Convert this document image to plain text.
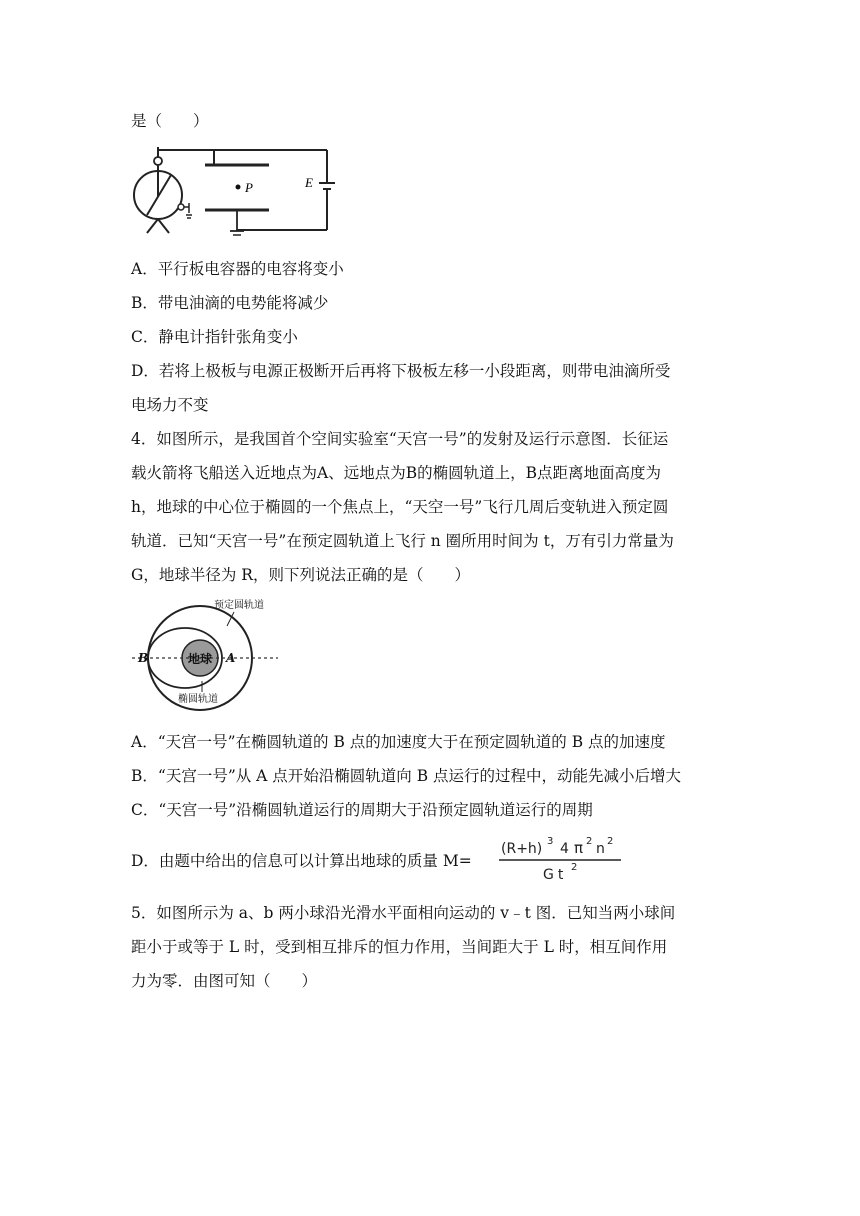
是（　　）
P	E
A．平行板电容器的电容将变小
B．带电油滴的电势能将减少
C．静电计指针张角变小
D．若将上极板与电源正极断开后再将下极板左移一小段距离，则带电油滴所受
电场力不变
4．如图所示，是我国首个空间实验室“天宫一号”的发射及运行示意图．长征运
载火箭将飞船送入近地点为A、远地点为B的椭圆轨道上，B点距离地面高度为
h，地球的中心位于椭圆的一个焦点上，“天空一号”飞行几周后变轨进入预定圆
轨道．已知“天宫一号”在预定圆轨道上飞行 n 圈所用时间为 t，万有引力常量为
G，地球半径为 R，则下列说法正确的是（　　）
地球
B	A
预定圆轨道
椭圆轨道
A．“天宫一号”在椭圆轨道的 B 点的加速度大于在预定圆轨道的 B 点的加速度
B．“天宫一号”从 A 点开始沿椭圆轨道向 B 点运行的过程中，动能先减小后增大
C．“天宫一号”沿椭圆轨道运行的周期大于沿预定圆轨道运行的周期
D．由题中给出的信息可以计算出地球的质量 M=
(R+h) 3 4 π 2 n 2
Gt 2
5．如图所示为 a、b 两小球沿光滑水平面相向运动的 v﹣t 图．已知当两小球间
距小于或等于 L 时，受到相互排斥的恒力作用，当间距大于 L 时，相互间作用
力为零．由图可知（　　）
